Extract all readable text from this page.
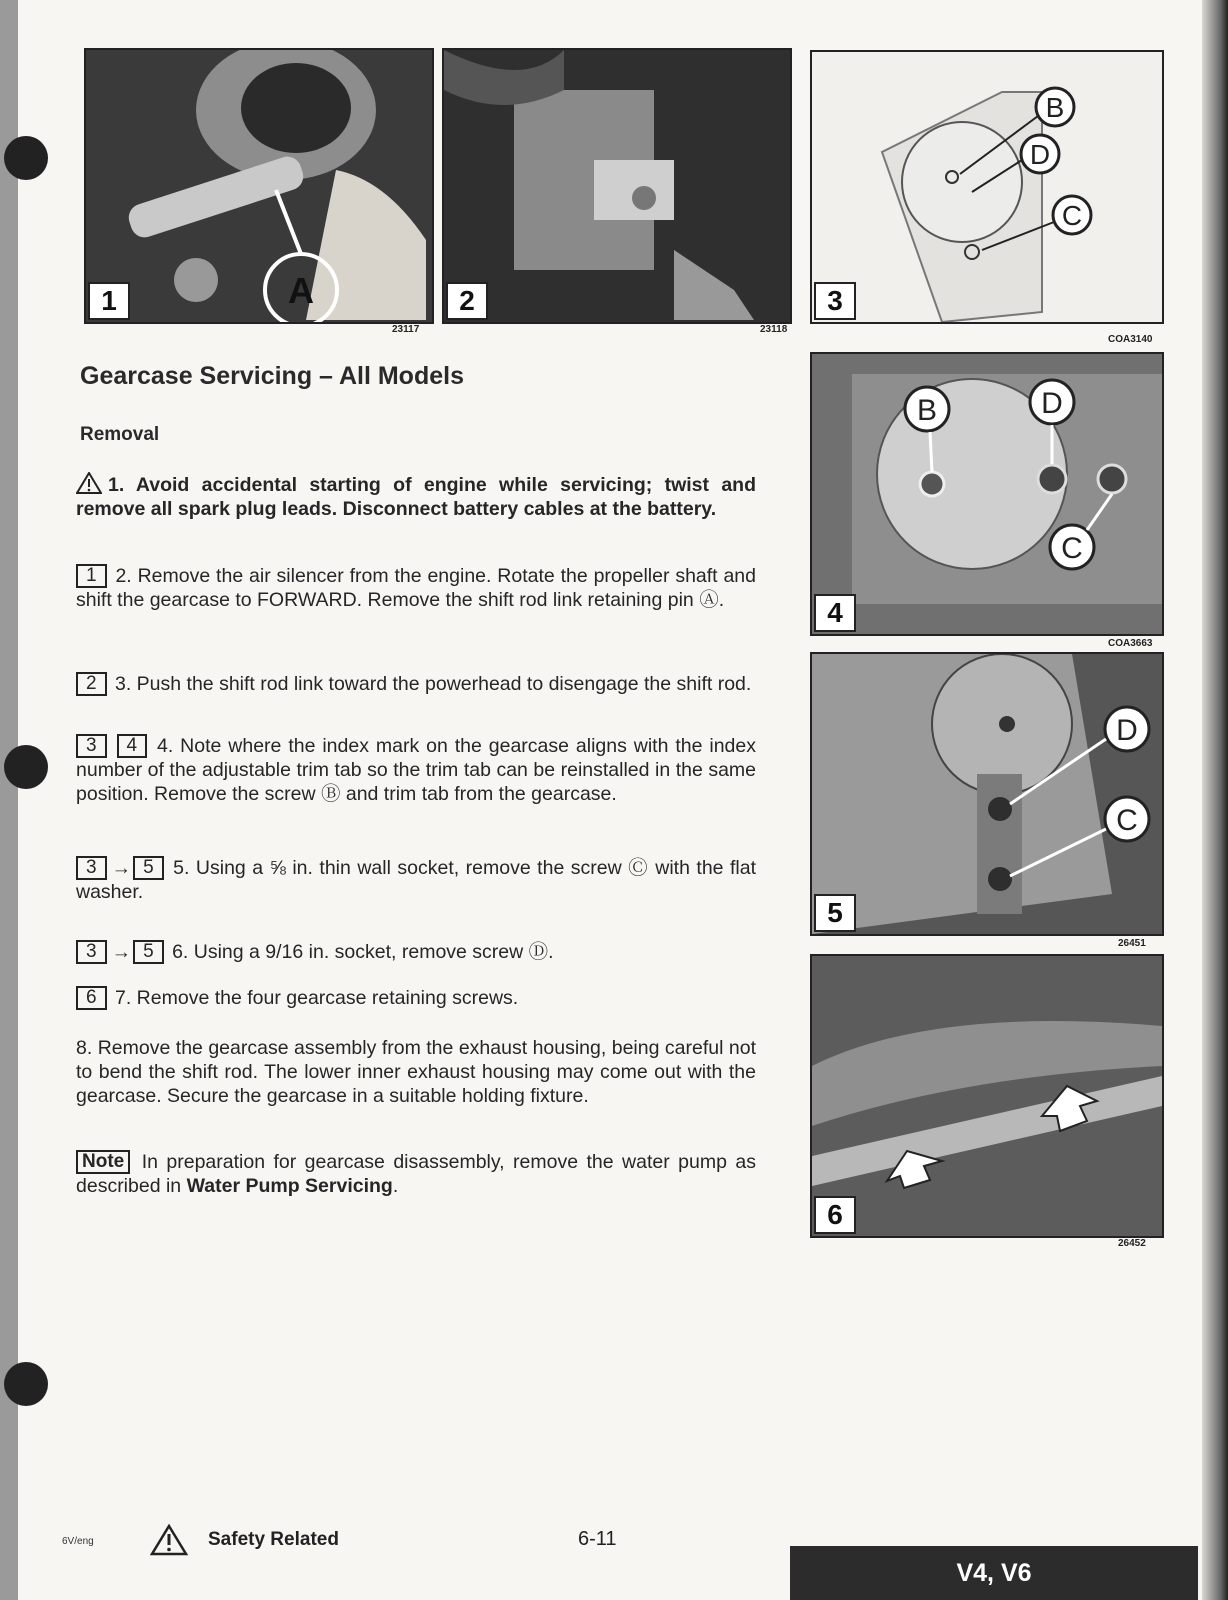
A
1
23117
2
23118
B
D
C
3
COA3140
B	D
C
4
COA3663
D
C
5
26451
6
26452
Gearcase Servicing – All Models
Removal
1. Avoid accidental starting of engine while servicing; twist and remove all spark plug leads. Disconnect battery cables at the battery.
1 2. Remove the air silencer from the engine. Rotate the propeller shaft and shift the gearcase to FORWARD. Remove the shift rod link retaining pin Ⓐ.
2 3. Push the shift rod link toward the powerhead to disengage the shift rod.
3 4 4. Note where the index mark on the gearcase aligns with the index number of the adjustable trim tab so the trim tab can be reinstalled in the same position. Remove the screw Ⓑ and trim tab from the gearcase.
3 → 5 5. Using a ⅝ in. thin wall socket, remove the screw Ⓒ with the flat washer.
3 → 5 6. Using a 9/16 in. socket, remove screw Ⓓ.
6 7. Remove the four gearcase retaining screws.
8. Remove the gearcase assembly from the exhaust housing, being careful not to bend the shift rod. The lower inner exhaust housing may come out with the gearcase. Secure the gearcase in a suitable holding fixture.
Note In preparation for gearcase disassembly, remove the water pump as described in Water Pump Servicing.
6V/eng	Safety Related	6-11
V4, V6
